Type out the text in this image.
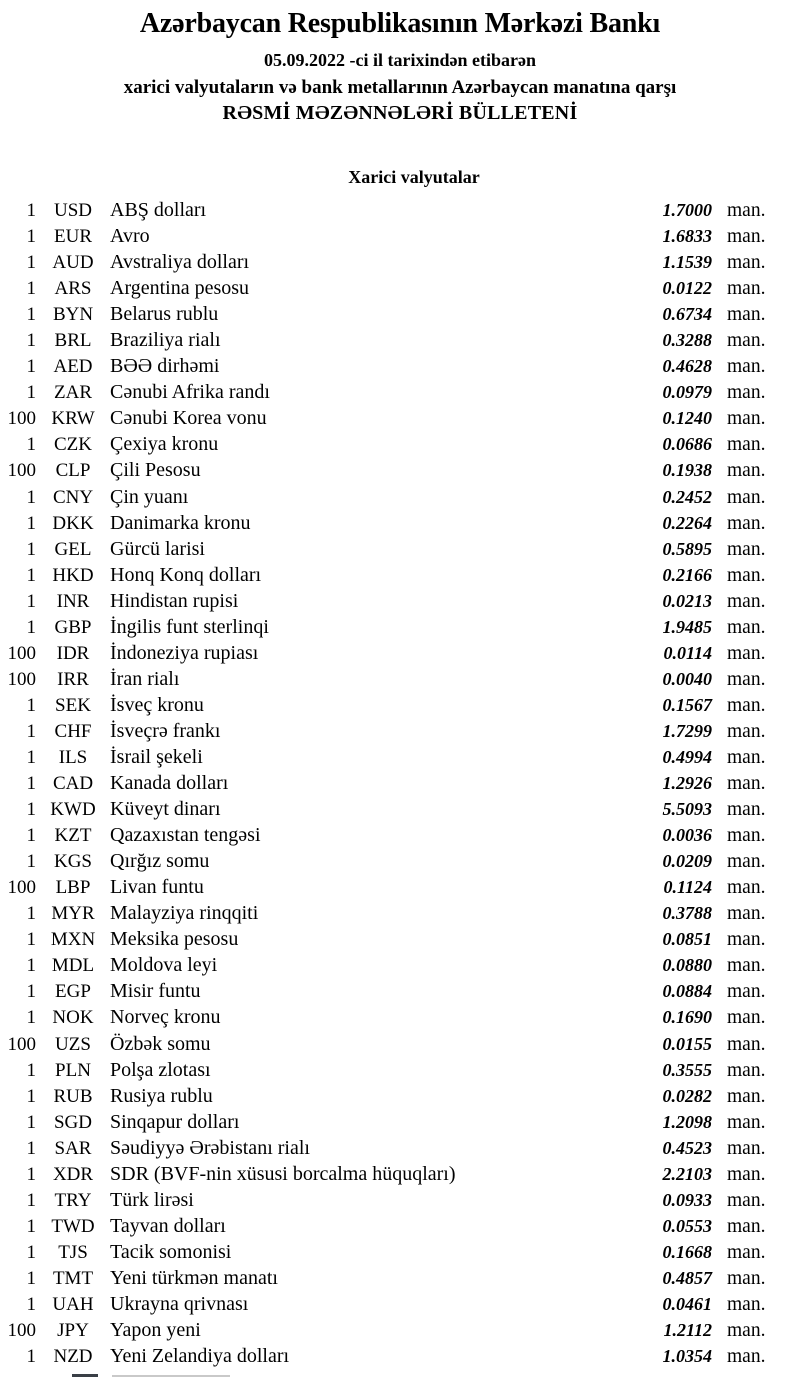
Azərbaycan Respublikasının Mərkəzi Bankı
05.09.2022 -ci il tarixindən etibarən
xarici valyutaların və bank metallarının Azərbaycan manatına qarşı
RƏSMİ MƏZƏNNƏLƏRİ BÜLLETENİ
Xarici valyutalar
1 USD ABŞ dolları	1.7000 man.
1 EUR Avro	1.6833 man.
1 AUD Avstraliya dolları	1.1539 man.
1 ARS Argentina pesosu	0.0122 man.
1 BYN Belarus rublu	0.6734 man.
1 BRL Braziliya rialı	0.3288 man.
1 AED BƏƏ dirhəmi	0.4628 man.
1 ZAR Cənubi Afrika randı	0.0979 man.
100 KRW Cənubi Korea vonu	0.1240 man.
1 CZK Çexiya kronu	0.0686 man.
100	CLP Çili Pesosu	0.1938 man.
1 CNY Çin yuanı	0.2452 man.
1 DKK Danimarka kronu	0.2264 man.
1 GEL Gürcü larisi	0.5895 man.
1 HKD Honq Konq dolları	0.2166 man.
1	INR	Hindistan rupisi	0.0213 man.
1 GBP İngilis funt sterlinqi	1.9485 man.
100	IDR	İndoneziya rupiası	0.0114 man.
100	IRR	İran rialı	0.0040 man.
1	SEK İsveç kronu	0.1567 man.
1 CHF İsveçrə frankı	1.7299 man.
1	ILS	İsrail şekeli	0.4994 man.
1 CAD Kanada dolları	1.2926 man.
1 KWD Küveyt dinarı	5.5093 man.
1 KZT Qazaxıstan tengəsi	0.0036 man.
1 KGS Qırğız somu	0.0209 man.
100	LBP Livan funtu	0.1124 man.
1 MYR Malayziya rinqqiti	0.3788 man.
1 MXN Meksika pesosu	0.0851 man.
1 MDL Moldova leyi	0.0880 man.
1	EGP Misir funtu	0.0884 man.
1 NOK Norveç kronu	0.1690 man.
100	UZS Özbək somu	0.0155 man.
1	PLN Polşa zlotası	0.3555 man.
1 RUB Rusiya rublu	0.0282 man.
1 SGD Sinqapur dolları	1.2098 man.
1 SAR Səudiyyə Ərəbistanı rialı	0.4523 man.
1 XDR SDR (BVF-nin xüsusi borcalma hüquqları)	2.2103 man.
1 TRY Türk lirəsi	0.0933 man.
1 TWD Tayvan dolları	0.0553 man.
1	TJS	Tacik somonisi	0.1668 man.
1 TMT Yeni türkmən manatı	0.4857 man.
1 UAH Ukrayna qrivnası	0.0461 man.
100	JPY	Yapon yeni	1.2112 man.
1 NZD Yeni Zelandiya dolları	1.0354 man.
